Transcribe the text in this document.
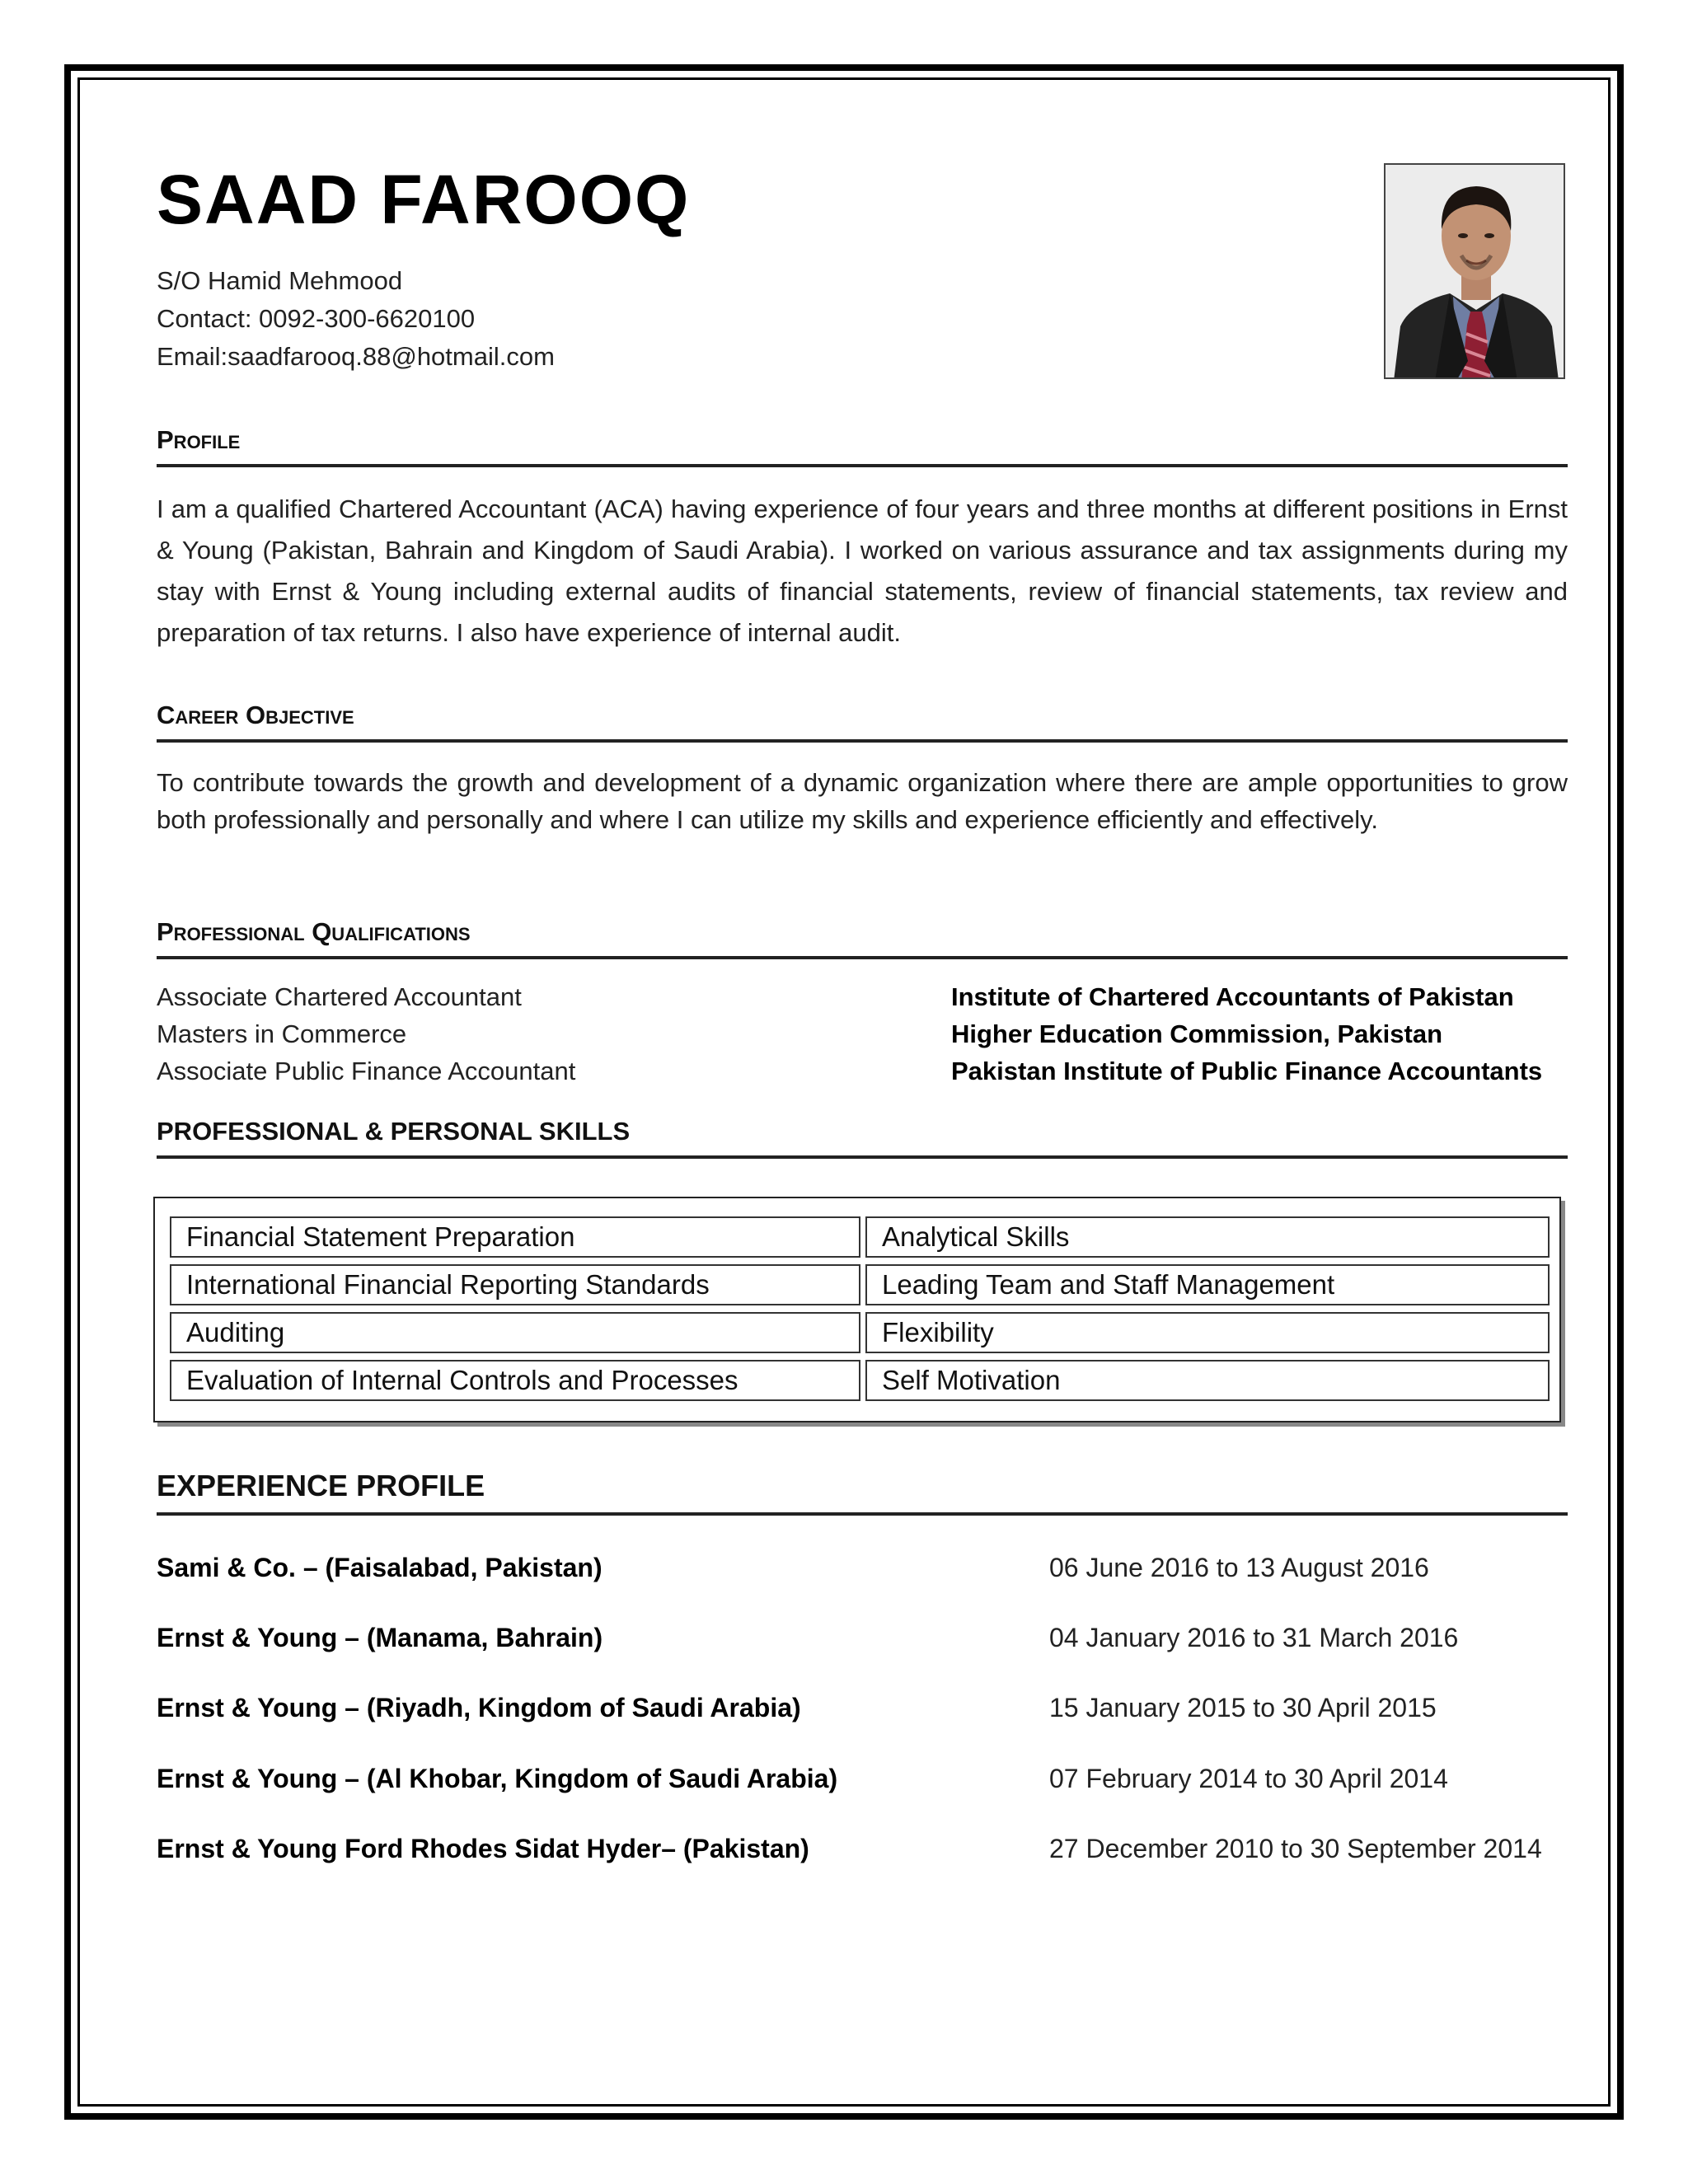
SAAD FAROOQ
S/O Hamid Mehmood
Contact: 0092-300-6620100
Email:saadfarooq.88@hotmail.com
Profile
I am a qualified Chartered Accountant (ACA) having experience of four years and three months at different positions in Ernst & Young (Pakistan, Bahrain and Kingdom of Saudi Arabia). I worked on various assurance and tax assignments during my stay with Ernst & Young including external audits of financial statements, review of financial statements, tax review and preparation of tax returns. I also have experience of internal audit.
Career Objective
To contribute towards the growth and development of a dynamic organization where there are ample opportunities to grow both professionally and personally and where I can utilize my skills and experience efficiently and effectively.
Professional Qualifications
Associate Chartered Accountant	Institute of Chartered Accountants of Pakistan
Masters in Commerce	Higher Education Commission, Pakistan
Associate Public Finance Accountant	Pakistan Institute of Public Finance Accountants
PROFESSIONAL & PERSONAL SKILLS
Financial Statement Preparation	Analytical Skills
International Financial Reporting Standards	Leading Team and Staff Management
Auditing	Flexibility
Evaluation of Internal Controls and Processes	Self Motivation
EXPERIENCE PROFILE
Sami & Co. – (Faisalabad, Pakistan)	06 June 2016 to 13 August 2016
Ernst & Young – (Manama, Bahrain)	04 January 2016 to 31 March 2016
Ernst & Young – (Riyadh, Kingdom of Saudi Arabia)	15 January 2015 to 30 April 2015
Ernst & Young – (Al Khobar, Kingdom of Saudi Arabia)	07 February 2014 to 30 April 2014
Ernst & Young Ford Rhodes Sidat Hyder– (Pakistan)	27 December 2010 to 30 September 2014
